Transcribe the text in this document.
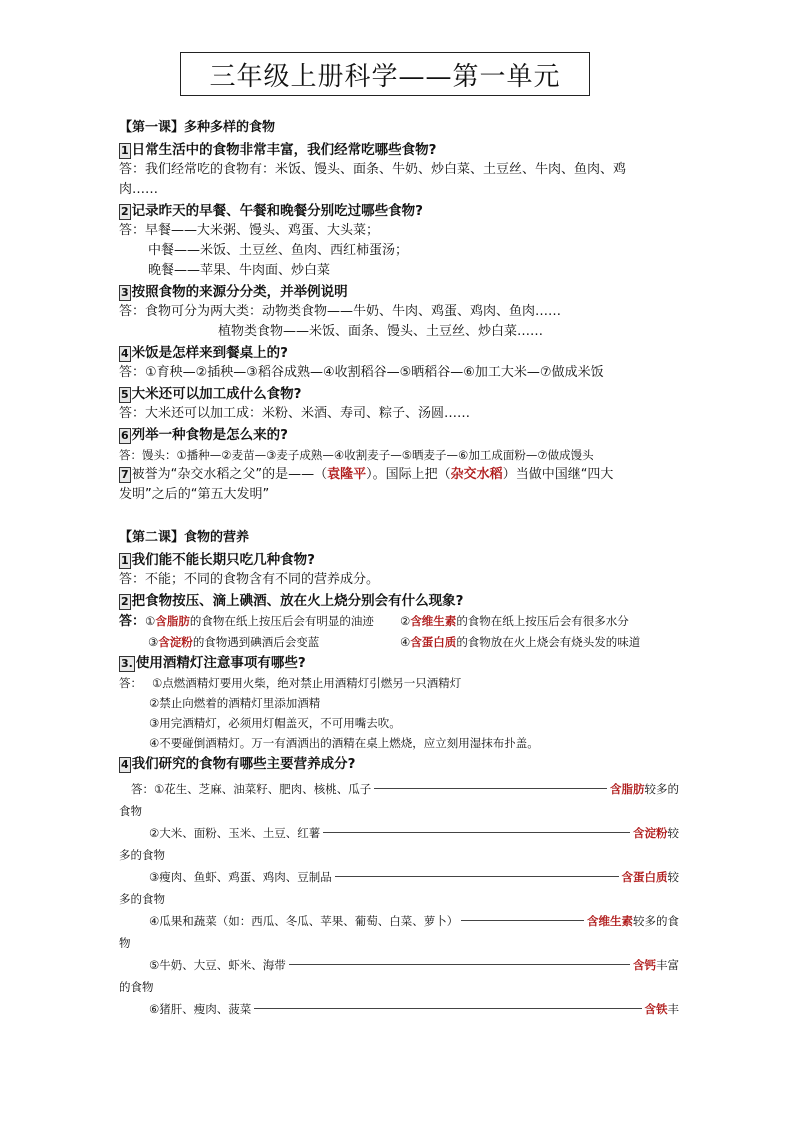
三年级上册科学——第一单元
【第一课】多种多样的食物
1 日常生活中的食物非常丰富，我们经常吃哪些食物?
答：我们经常吃的食物有：米饭、馒头、面条、牛奶、炒白菜、土豆丝、牛肉、鱼肉、鸡
肉……
2 记录昨天的早餐、午餐和晚餐分别吃过哪些食物?
答：早餐——大米粥、馒头、鸡蛋、大头菜；
中餐——米饭、土豆丝、鱼肉、西红柿蛋汤；
晚餐——苹果、牛肉面、炒白菜
3 按照食物的来源分分类，并举例说明
答：食物可分为两大类：动物类食物——牛奶、牛肉、鸡蛋、鸡肉、鱼肉……
植物类食物——米饭、面条、馒头、土豆丝、炒白菜……
4 米饭是怎样来到餐桌上的?
答：①育秧—②插秧—③稻谷成熟—④收割稻谷—⑤晒稻谷—⑥加工大米—⑦做成米饭
5 大米还可以加工成什么食物?
答：大米还可以加工成：米粉、米酒、寿司、粽子、汤圆……
6 列举一种食物是怎么来的?
答：馒头：①播种—②麦苗—③麦子成熟—④收割麦子—⑤晒麦子—⑥加工成面粉—⑦做成馒头
7 被誉为“杂交水稻之父”的是——（袁隆平）。国际上把（杂交水稻）当做中国继“四大
发明”之后的“第五大发明”
【第二课】食物的营养
1 我们能不能长期只吃几种食物?
答：不能；不同的食物含有不同的营养成分。
2 把食物按压、滴上碘酒、放在火上烧分别会有什么现象?
答：①含脂肪的食物在纸上按压后会有明显的油迹	②含维生素的食物在纸上按压后会有很多水分
③含淀粉的食物遇到碘酒后会变蓝	④含蛋白质的食物放在火上烧会有烧头发的味道
3. 使用酒精灯注意事项有哪些?
答： ①点燃酒精灯要用火柴，绝对禁止用酒精灯引燃另一只酒精灯
②禁止向燃着的酒精灯里添加酒精
③用完酒精灯，必须用灯帽盖灭，不可用嘴去吹。
④不要碰倒酒精灯。万一有酒洒出的酒精在桌上燃烧，应立刻用湿抹布扑盖。
4 我们研究的食物有哪些主要营养成分?
答：①花生、芝麻、油菜籽、肥肉、核桃、瓜子	含脂肪 较多的
食物
②大米、面粉、玉米、土豆、红薯	含淀粉 较
多的食物
③瘦肉、鱼虾、鸡蛋、鸡肉、豆制品	含蛋白质 较
多的食物
④瓜果和蔬菜（如：西瓜、冬瓜、苹果、葡萄、白菜、萝卜）	含维生素 较多的食
物
⑤牛奶、大豆、虾米、海带	含钙 丰富
的食物
⑥猪肝、瘦肉、菠菜	含铁 丰
